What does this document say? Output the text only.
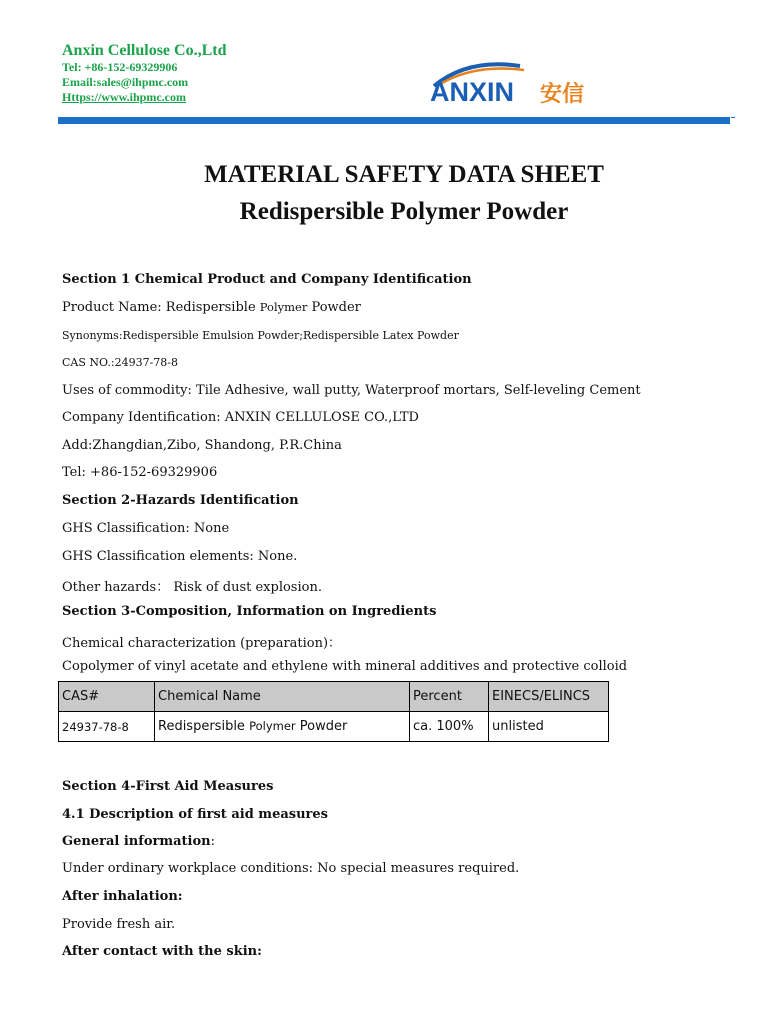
Anxin Cellulose Co.,Ltd
Tel: +86-152-69329906
Email:sales@ihpmc.com
Https://www.ihpmc.com	ANXIN 安信
MATERIAL SAFETY DATA SHEET
Redispersible Polymer Powder
Section 1 Chemical Product and Company Identification
Product Name: Redispersible Polymer Powder
Synonyms:Redispersible Emulsion Powder;Redispersible Latex Powder
CAS NO.:24937-78-8
Uses of commodity: Tile Adhesive, wall putty, Waterproof mortars, Self-leveling Cement
Company Identification: ANXIN CELLULOSE CO.,LTD
Add:Zhangdian,Zibo, Shandong, P.R.China
Tel: +86-152-69329906
Section 2-Hazards Identification
GHS Classification: None
GHS Classification elements: None.
Other hazards： Risk of dust explosion.
Section 3-Composition, Information on Ingredients
Chemical characterization (preparation)：
Copolymer of vinyl acetate and ethylene with mineral additives and protective colloid
CAS#	Chemical Name	Percent	EINECS/ELINCS
24937-78-8	Redispersible Polymer Powder	ca. 100%	unlisted
Section 4-First Aid Measures
4.1 Description of first aid measures
General information:
Under ordinary workplace conditions: No special measures required.
After inhalation:
Provide fresh air.
After contact with the skin:
